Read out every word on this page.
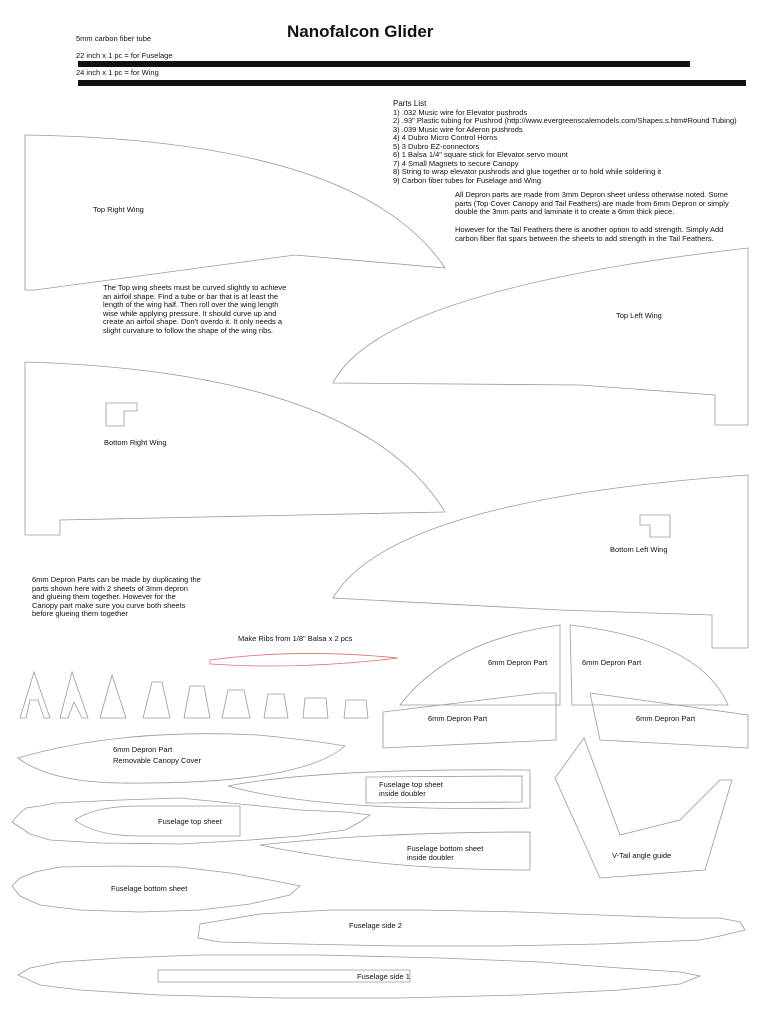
5mm carbon fiber tube

22 inch x 1 pc = for Fuselage

24 inch x 1 pc = for Wing

Nanofalcon Glider
Parts List
1) .032 Music wire for Elevator pushrods
2) .93" Plastic tubing for Pushrod (http://www.evergreenscalemodels.com/Shapes.s.htm#Round Tubing)
3) .039 Music wire for Aileron pushrods
4) 4 Dubro Micro Control Horns
5) 3 Dubro EZ-connectors
6) 1 Balsa 1/4" square stick for Elevator servo mount
7) 4 Small Magnets to secure Canopy
8) String to wrap elevator pushrods and glue together or to hold while soldering it
9) Carbon fiber tubes for Fuselage and Wing
All Depron parts are made from 3mm Depron sheet unless otherwise noted. Some parts (Top Cover Canopy and Tail Feathers) are made from 6mm Depron or simply double the 3mm parts and laminate it to create a 6mm thick piece.
However for the Tail Feathers there is another option to add strength. Simply Add carbon fiber flat spars between the sheets to add strength in the Tail Feathers.
The Top wing sheets must be curved slightly to achieve an airfoil shape. Find a tube or bar that is at least the length of the wing half. Then roll over the wing length wise while applying pressure. It should curve up and create an airfoil shape. Don't overdo it. It only needs a slight curvature to follow the shape of the wing ribs.
6mm Depron Parts can be made by duplicating the parts shown here with 2 sheets of 3mm depron and glueing them together. However for the Canopy part make sure you curve both sheets before glueing them together
Top Right Wing
Top Left Wing
Bottom Right Wing
Bottom Left Wing
Make Ribs from 1/8" Balsa x 2 pcs
6mm Depron Part	6mm Depron Part
6mm Depron Part	6mm Depron Part
6mm Depron Part
Removable Canopy Cover
Fuselage top sheet
inside doubler
Fuselage top sheet
Fuselage bottom sheet
inside doubler	V-Tail angle guide
Fuselage bottom sheet
Fuselage side 2
Fuselage side 1
